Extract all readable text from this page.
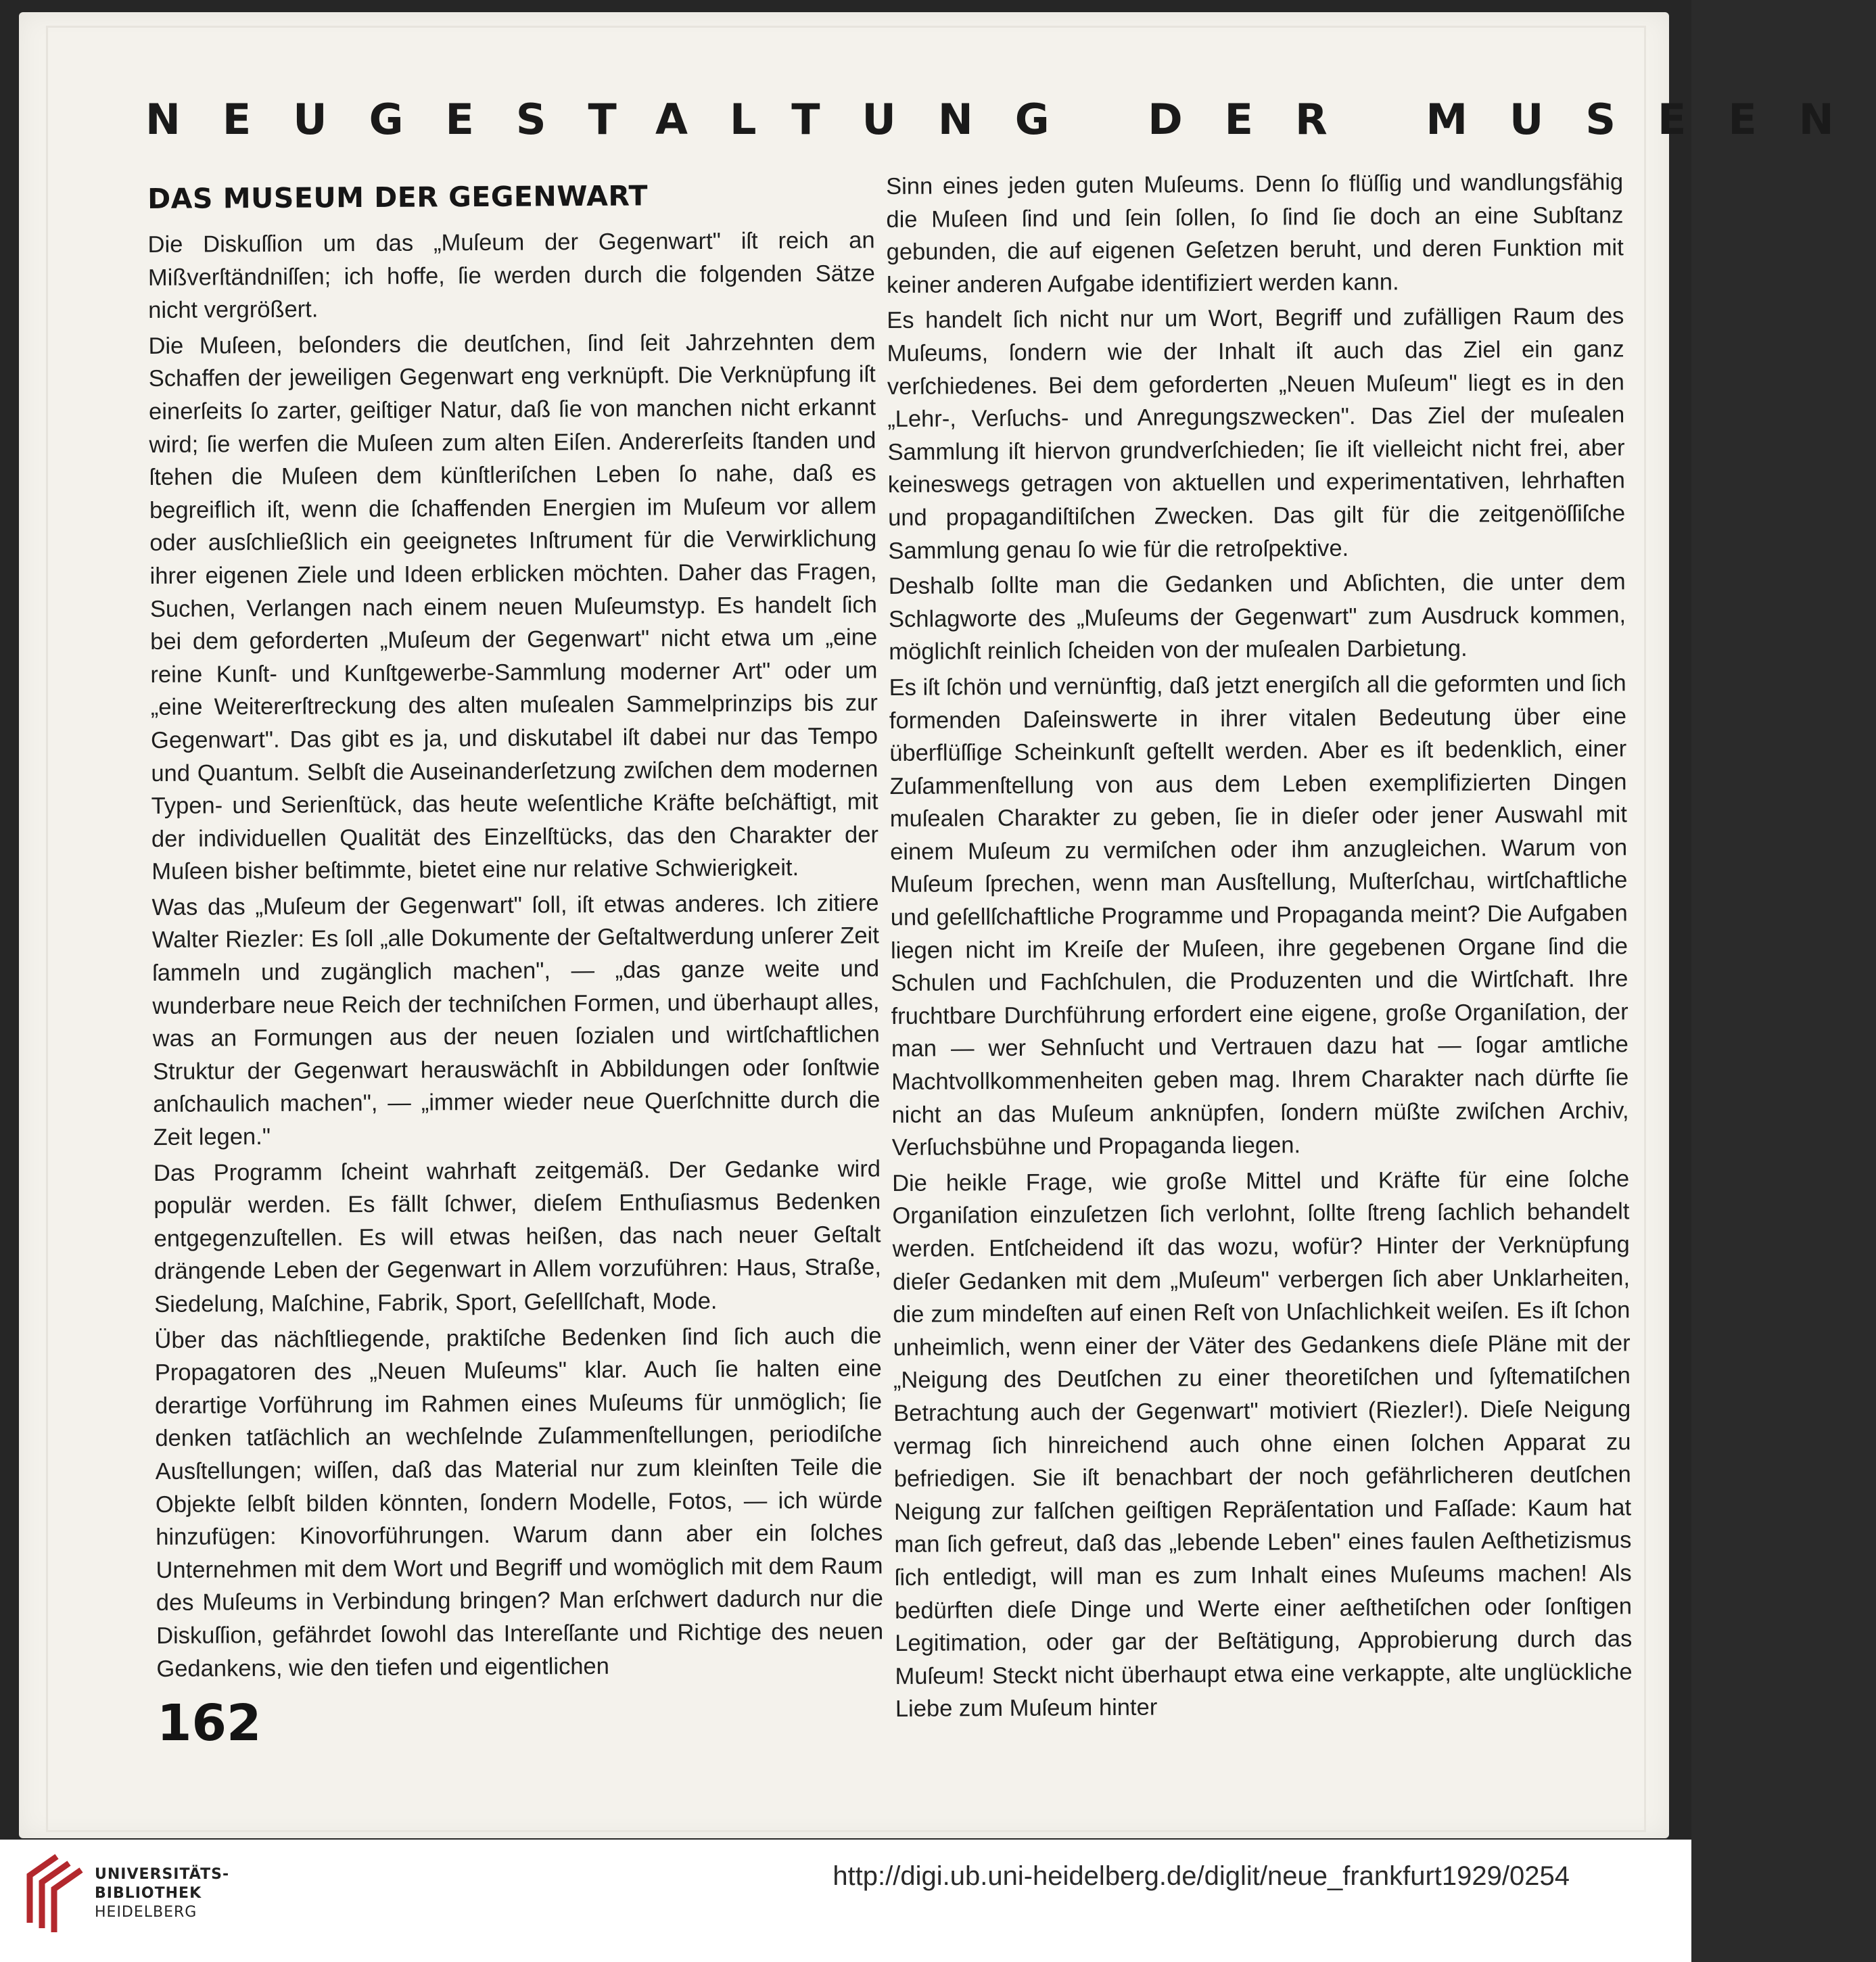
NEUGESTALTUNG DER MUSEEN
DAS MUSEUM DER GEGENWART

Die Diskuſſion um das „Muſeum der Gegenwart" iſt reich an Mißverſtändniſſen; ich hoffe, ſie werden durch die folgenden Sätze nicht vergrößert.

Die Muſeen, beſonders die deutſchen, ſind ſeit Jahrzehnten dem Schaffen der jeweiligen Gegenwart eng verknüpft. Die Verknüpfung iſt einerſeits ſo zarter, geiſtiger Natur, daß ſie von manchen nicht erkannt wird; ſie werfen die Muſeen zum alten Eiſen. Andererſeits ſtanden und ſtehen die Muſeen dem künſtleriſchen Leben ſo nahe, daß es begreiflich iſt, wenn die ſchaffenden Energien im Muſeum vor allem oder ausſchließlich ein geeignetes Inſtrument für die Verwirklichung ihrer eigenen Ziele und Ideen erblicken möchten. Daher das Fragen, Suchen, Verlangen nach einem neuen Muſeumstyp. Es handelt ſich bei dem geforderten „Muſeum der Gegenwart" nicht etwa um „eine reine Kunſt- und Kunſtgewerbe-Sammlung moderner Art" oder um „eine Weitererſtreckung des alten muſealen Sammelprinzips bis zur Gegenwart". Das gibt es ja, und diskutabel iſt dabei nur das Tempo und Quantum. Selbſt die Auseinanderſetzung zwiſchen dem modernen Typen- und Serienſtück, das heute weſentliche Kräfte beſchäftigt, mit der individuellen Qualität des Einzelſtücks, das den Charakter der Muſeen bisher beſtimmte, bietet eine nur relative Schwierigkeit.

Was das „Muſeum der Gegenwart" ſoll, iſt etwas anderes. Ich zitiere Walter Riezler: Es ſoll „alle Dokumente der Geſtaltwerdung unſerer Zeit ſammeln und zugänglich machen", — „das ganze weite und wunderbare neue Reich der techniſchen Formen, und überhaupt alles, was an Formungen aus der neuen ſozialen und wirtſchaftlichen Struktur der Gegenwart herauswächſt in Abbildungen oder ſonſtwie anſchaulich machen", — „immer wieder neue Querſchnitte durch die Zeit legen."

Das Programm ſcheint wahrhaft zeitgemäß. Der Gedanke wird populär werden. Es fällt ſchwer, dieſem Enthuſiasmus Bedenken entgegenzuſtellen. Es will etwas heißen, das nach neuer Geſtalt drängende Leben der Gegenwart in Allem vorzuführen: Haus, Straße, Siedelung, Maſchine, Fabrik, Sport, Geſellſchaft, Mode.

Über das nächſtliegende, praktiſche Bedenken ſind ſich auch die Propagatoren des „Neuen Muſeums" klar. Auch ſie halten eine derartige Vorführung im Rahmen eines Muſeums für unmöglich; ſie denken tatſächlich an wechſelnde Zuſammenſtellungen, periodiſche Ausſtellungen; wiſſen, daß das Material nur zum kleinſten Teile die Objekte ſelbſt bilden könnten, ſondern Modelle, Fotos, — ich würde hinzufügen: Kinovorführungen. Warum dann aber ein ſolches Unternehmen mit dem Wort und Begriff und womöglich mit dem Raum des Muſeums in Verbindung bringen? Man erſchwert dadurch nur die Diskuſſion, gefährdet ſowohl das Intereſſante und Richtige des neuen Gedankens, wie den tiefen und eigentlichen

Sinn eines jeden guten Muſeums. Denn ſo flüſſig und wandlungsfähig die Muſeen ſind und ſein ſollen, ſo ſind ſie doch an eine Subſtanz gebunden, die auf eigenen Geſetzen beruht, und deren Funktion mit keiner anderen Aufgabe identifiziert werden kann.

Es handelt ſich nicht nur um Wort, Begriff und zufälligen Raum des Muſeums, ſondern wie der Inhalt iſt auch das Ziel ein ganz verſchiedenes. Bei dem geforderten „Neuen Muſeum" liegt es in den „Lehr-, Verſuchs- und Anregungszwecken". Das Ziel der muſealen Sammlung iſt hiervon grundverſchieden; ſie iſt vielleicht nicht frei, aber keineswegs getragen von aktuellen und experimentativen, lehrhaften und propagandiſtiſchen Zwecken. Das gilt für die zeitgenöſſiſche Sammlung genau ſo wie für die retroſpektive.

Deshalb ſollte man die Gedanken und Abſichten, die unter dem Schlagworte des „Muſeums der Gegenwart" zum Ausdruck kommen, möglichſt reinlich ſcheiden von der muſealen Darbietung.

Es iſt ſchön und vernünftig, daß jetzt energiſch all die geformten und ſich formenden Daſeinswerte in ihrer vitalen Bedeutung über eine überflüſſige Scheinkunſt geſtellt werden. Aber es iſt bedenklich, einer Zuſammenſtellung von aus dem Leben exemplifizierten Dingen muſealen Charakter zu geben, ſie in dieſer oder jener Auswahl mit einem Muſeum zu vermiſchen oder ihm anzugleichen. Warum von Muſeum ſprechen, wenn man Ausſtellung, Muſterſchau, wirtſchaftliche und geſellſchaftliche Programme und Propaganda meint? Die Aufgaben liegen nicht im Kreiſe der Muſeen, ihre gegebenen Organe ſind die Schulen und Fachſchulen, die Produzenten und die Wirtſchaft. Ihre fruchtbare Durchführung erfordert eine eigene, große Organiſation, der man — wer Sehnſucht und Vertrauen dazu hat — ſogar amtliche Machtvollkommenheiten geben mag. Ihrem Charakter nach dürfte ſie nicht an das Muſeum anknüpfen, ſondern müßte zwiſchen Archiv, Verſuchsbühne und Propaganda liegen.

Die heikle Frage, wie große Mittel und Kräfte für eine ſolche Organiſation einzuſetzen ſich verlohnt, ſollte ſtreng ſachlich behandelt werden. Entſcheidend iſt das wozu, wofür? Hinter der Verknüpfung dieſer Gedanken mit dem „Muſeum" verbergen ſich aber Unklarheiten, die zum mindeſten auf einen Reſt von Unſachlichkeit weiſen. Es iſt ſchon unheimlich, wenn einer der Väter des Gedankens dieſe Pläne mit der „Neigung des Deutſchen zu einer theoretiſchen und ſyſtematiſchen Betrachtung auch der Gegenwart" motiviert (Riezler!). Dieſe Neigung vermag ſich hinreichend auch ohne einen ſolchen Apparat zu befriedigen. Sie iſt benachbart der noch gefährlicheren deutſchen Neigung zur falſchen geiſtigen Repräſentation und Faſſade: Kaum hat man ſich gefreut, daß das „lebende Leben" eines faulen Aeſthetizismus ſich entledigt, will man es zum Inhalt eines Muſeums machen! Als bedürften dieſe Dinge und Werte einer aeſthetiſchen oder ſonſtigen Legitimation, oder gar der Beſtätigung, Approbierung durch das Muſeum! Steckt nicht überhaupt etwa eine verkappte, alte unglückliche Liebe zum Muſeum hinter

162
UNIVERSITÄTS-
BIBLIOTHEK
HEIDELBERG
http://digi.ub.uni-heidelberg.de/diglit/neue_frankfurt1929/0254
